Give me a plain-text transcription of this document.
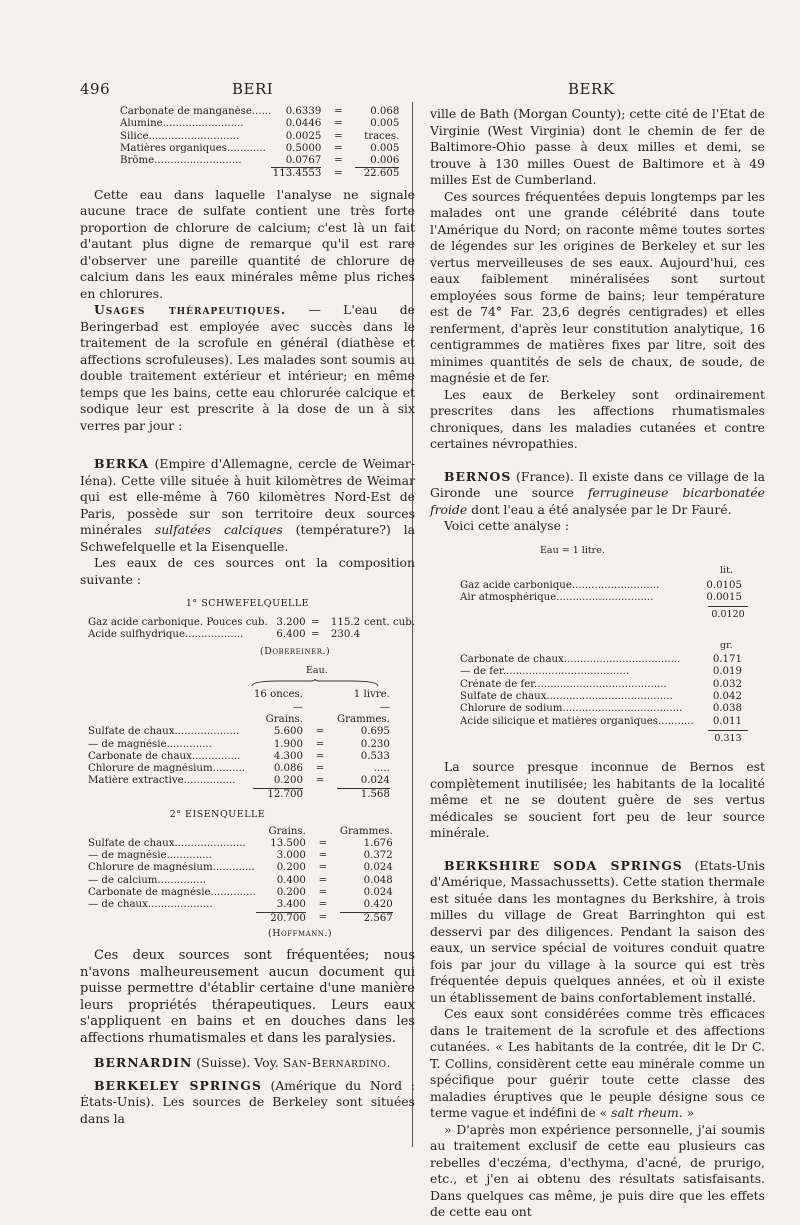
496	BERI	BERK
Carbonate de manganèse......	0.6339	=	0.068
Alumine.........................	0.0446	=	0.005
Silice............................	0.0025	=	traces.
Matières organiques............	0.5000	=	0.005
Brôme...........................	0.0767	=	0.006
	113.4553	=	22.605

Cette eau dans laquelle l'analyse ne signale aucune trace de sulfate contient une très forte proportion de chlorure de calcium; c'est là un fait d'autant plus digne de remarque qu'il est rare d'observer une pareille quantité de chlorure de calcium dans les eaux minérales même plus riches en chlorures.

Usages thérapeutiques. — L'eau de Beringerbad est employée avec succès dans le traitement de la scrofule en général (diathèse et affections scrofuleuses). Les malades sont soumis au double traitement extérieur et intérieur; en même temps que les bains, cette eau chlorurée calcique et sodique leur est prescrite à la dose de un à six verres par jour :

BERKA (Empire d'Allemagne, cercle de Weimar-Iéna). Cette ville située à huit kilomètres de Weimar qui est elle-même à 760 kilomètres Nord-Est de Paris, possède sur son territoire deux sources minérales sulfatées calciques (température?) la Schwefelquelle et la Eisenquelle.

Les eaux de ces sources ont la composition suivante :

1° SCHWEFELQUELLE
Gaz acide carbonique. Pouces cub.	3.200	=	115.2	cent. cub.
Acide sulfhydrique..................	6.400	=	230.4	
(Dobereiner.)
Eau.
	16 onces.		1 livre.
	—		—
	Grains.		Grammes.
Sulfate de chaux....................	5.600	=	0.695
— de magnésie..............	1.900	=	0.230
Carbonate de chaux...............	4.300	=	0.533
Chlorure de magnésium..........	0.086	=	.....
Matière extractive................	0.200	=	0.024
	12.700		1.568
2° EISENQUELLE
	Grains.		Grammes.
Sulfate de chaux......................	13.500	=	1.676
— de magnésie..............	3.000	=	0.372
Chlorure de magnésium.............	0.200	=	0.024
— de calcium...............	0.400	=	0.048
Carbonate de magnésie..............	0.200	=	0.024
— de chaux....................	3.400	=	0.420
	20.700	=	2.567
(Hoffmann.)

Ces deux sources sont fréquentées; nous n'avons malheureusement aucun document qui puisse permettre d'établir certaine d'une manière leurs propriétés thérapeutiques. Leurs eaux s'appliquent en bains et en douches dans les affections rhumatismales et dans les paralysies.

BERNARDIN (Suisse). Voy. San-Bernardino.

BERKELEY SPRINGS (Amérique du Nord : États-Unis). Les sources de Berkeley sont situées dans la

ville de Bath (Morgan County); cette cité de l'Etat de Virginie (West Virginia) dont le chemin de fer de Baltimore-Ohio passe à deux milles et demi, se trouve à 130 milles Ouest de Baltimore et à 49 milles Est de Cumberland.

Ces sources fréquentées depuis longtemps par les malades ont une grande célébrité dans toute l'Amérique du Nord; on raconte même toutes sortes de légendes sur les origines de Berkeley et sur les vertus merveilleuses de ses eaux. Aujourd'hui, ces eaux faiblement minéralisées sont surtout employées sous forme de bains; leur température est de 74° Far. 23,6 degrés centigrades) et elles renferment, d'après leur constitution analytique, 16 centigrammes de matières fixes par litre, soit des minimes quantités de sels de chaux, de soude, de magnésie et de fer.

Les eaux de Berkeley sont ordinairement prescrites dans les affections rhumatismales chroniques, dans les maladies cutanées et contre certaines névropathies.

BERNOS (France). Il existe dans ce village de la Gironde une source ferrugineuse bicarbonatée froide dont l'eau a été analysée par le Dr Fauré.

Voici cette analyse :

Eau = 1 litre.
lit.
Gaz acide carbonique...........................	0.0105
Air atmosphérique..............................	0.0015
0.0120
gr.
Carbonate de chaux....................................	0.171
— de fer.......................................	0.019
Crénate de fer.........................................	0.032
Sulfate de chaux.......................................	0.042
Chlorure de sodium.....................................	0.038
Acide silicique et matières organiques...........	0.011
0.313

La source presque inconnue de Bernos est complètement inutilisée; les habitants de la localité même et ne se doutent guère de ses vertus médicales se soucient fort peu de leur source minérale.

BERKSHIRE SODA SPRINGS (Etats-Unis d'Amérique, Massachussetts). Cette station thermale est située dans les montagnes du Berkshire, à trois milles du village de Great Barringhton qui est desservi par des diligences. Pendant la saison des eaux, un service spécial de voitures conduit quatre fois par jour du village à la source qui est très fréquentée depuis quelques années, et où il existe un établissement de bains confortablement installé.

Ces eaux sont considérées comme très efficaces dans le traitement de la scrofule et des affections cutanées. « Les habitants de la contrée, dit le Dr C. T. Collins, considèrent cette eau minérale comme un spécifique pour guérir toute cette classe des maladies éruptives que le peuple désigne sous ce terme vague et indéfini de « salt rheum. »

» D'après mon expérience personnelle, j'ai soumis au traitement exclusif de cette eau plusieurs cas rebelles d'eczéma, d'ecthyma, d'acné, de prurigo, etc., et j'en ai obtenu des résultats satisfaisants. Dans quelques cas même, je puis dire que les effets de cette eau ont
